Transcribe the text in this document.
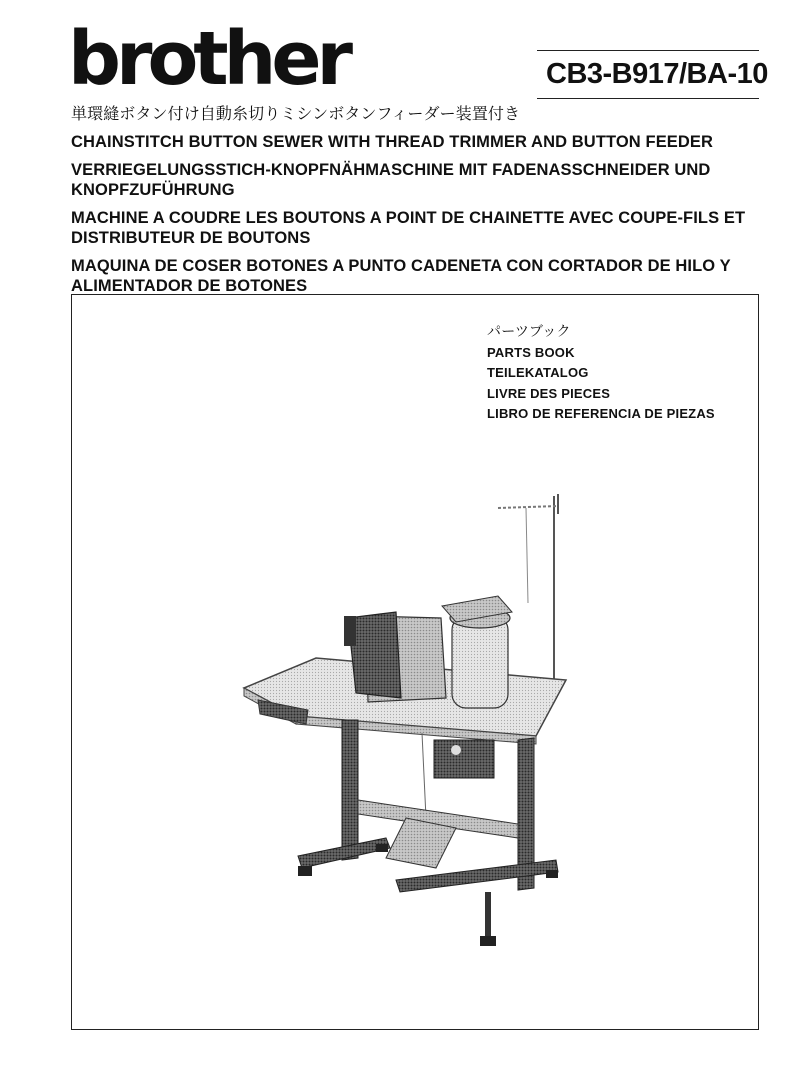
brother	CB3-B917/BA-10
単環縫ボタン付け自動糸切りミシンボタンフィーダー装置付き
CHAINSTITCH BUTTON SEWER WITH THREAD TRIMMER AND BUTTON FEEDER
VERRIEGELUNGSSTICH-KNOPFNÄHMASCHINE MIT FADENASSCHNEIDER UND
KNOPFZUFÜHRUNG
MACHINE A COUDRE LES BOUTONS A POINT DE CHAINETTE AVEC COUPE-FILS ET
DISTRIBUTEUR DE BOUTONS
MAQUINA DE COSER BOTONES A PUNTO CADENETA CON CORTADOR DE HILO Y
ALIMENTADOR DE BOTONES
パーツブック
PARTS BOOK
TEILEKATALOG
LIVRE DES PIECES
LIBRO DE REFERENCIA DE PIEZAS
